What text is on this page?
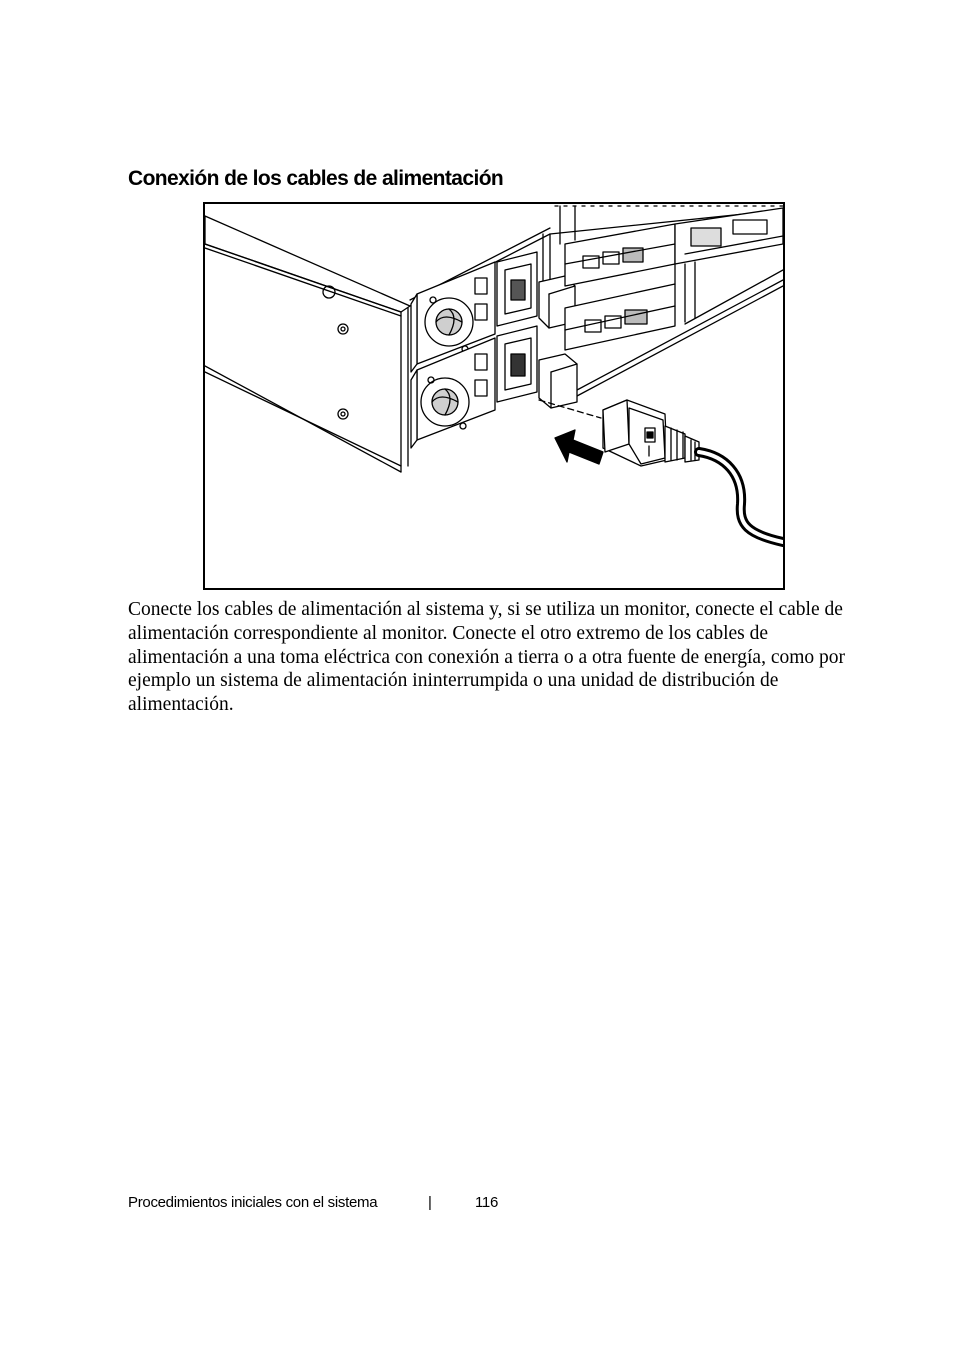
Conexión de los cables de alimentación

Conecte los cables de alimentación al sistema y, si se utiliza un monitor, conecte el cable de alimentación correspondiente al monitor. Conecte el otro extremo de los cables de alimentación a una toma eléctrica con conexión a tierra o a otra fuente de energía, como por ejemplo un sistema de alimentación ininterrumpida o una unidad de distribución de alimentación.

Procedimientos iniciales con el sistema	|	116
